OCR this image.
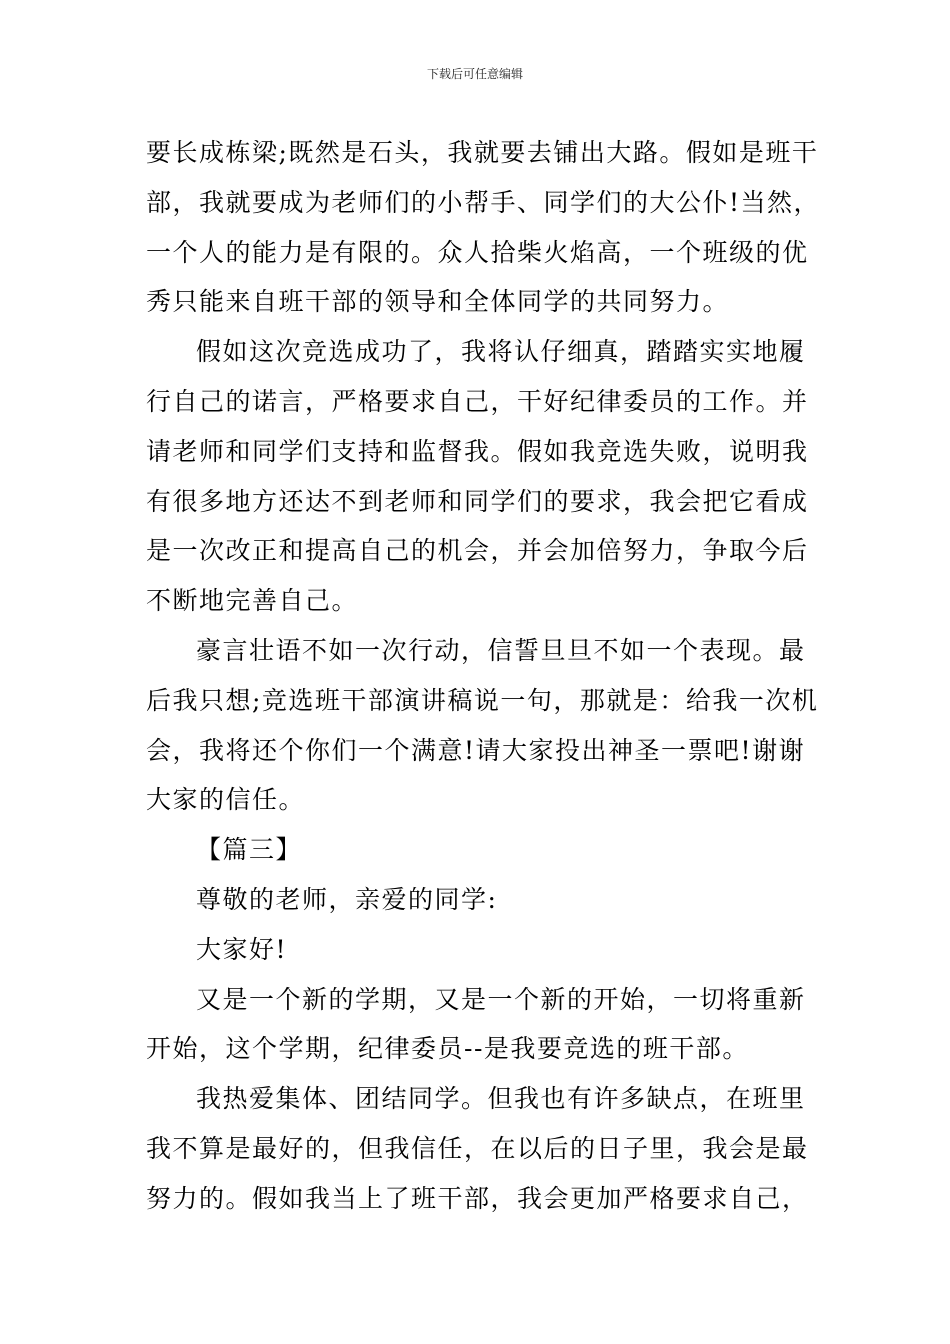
下载后可任意编辑
要长成栋梁;既然是石头，我就要去铺出大路。假如是班干
部，我就要成为老师们的小帮手、同学们的大公仆!当然，
一个人的能力是有限的。众人拾柴火焰高，一个班级的优
秀只能来自班干部的领导和全体同学的共同努力。
假如这次竞选成功了，我将认仔细真，踏踏实实地履
行自己的诺言，严格要求自己，干好纪律委员的工作。并
请老师和同学们支持和监督我。假如我竞选失败，说明我
有很多地方还达不到老师和同学们的要求，我会把它看成
是一次改正和提高自己的机会，并会加倍努力，争取今后
不断地完善自己。
豪言壮语不如一次行动，信誓旦旦不如一个表现。最
后我只想;竞选班干部演讲稿说一句，那就是：给我一次机
会，我将还个你们一个满意!请大家投出神圣一票吧!谢谢
大家的信任。
【篇三】
尊敬的老师，亲爱的同学:
大家好!
又是一个新的学期，又是一个新的开始，一切将重新
开始，这个学期，纪律委员--是我要竞选的班干部。
我热爱集体、团结同学。但我也有许多缺点，在班里
我不算是最好的，但我信任，在以后的日子里，我会是最
努力的。假如我当上了班干部，我会更加严格要求自己，
